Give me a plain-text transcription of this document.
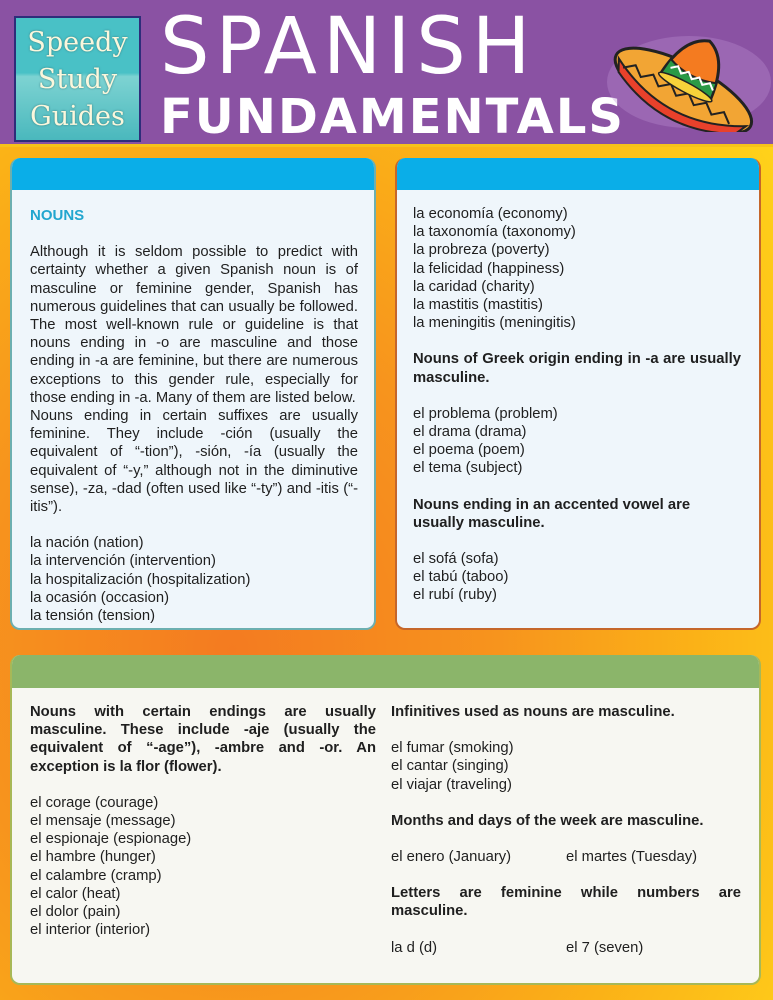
Speedy
Study
Guides
SPANISH
FUNDAMENTALS
NOUNS
Although it is seldom possible to predict with certainty whether a given Spanish noun is of masculine or feminine gender, Spanish has numerous guidelines that can usually be followed. The most well-known rule or guideline is that nouns ending in -o are masculine and those ending in -a are feminine, but there are numerous exceptions to this gender rule, especially for those ending in -a. Many of them are listed below.
Nouns ending in certain suffixes are usually feminine. They include -ción (usually the equivalent of “-tion”), -sión, -ía (usually the equivalent of “-y,” although not in the diminutive sense), -za, -dad (often used like “-ty”) and -itis (“-itis”).
la nación (nation)
la intervención (intervention)
la hospitalización (hospitalization)
la ocasión (occasion)
la tensión (tension)
la economía (economy)
la taxonomía (taxonomy)
la probreza (poverty)
la felicidad (happiness)
la caridad (charity)
la mastitis (mastitis)
la meningitis (meningitis)
Nouns of Greek origin ending in -a are usually masculine.
el problema (problem)
el drama (drama)
el poema (poem)
el tema (subject)
Nouns ending in an accented vowel are usually masculine.
el sofá (sofa)
el tabú (taboo)
el rubí (ruby)
Nouns with certain endings are usually masculine. These include -aje (usually the equivalent of “-age”), -ambre and -or. An exception is la flor (flower).
el corage (courage)
el mensaje (message)
el espionaje (espionage)
el hambre (hunger)
el calambre (cramp)
el calor (heat)
el dolor (pain)
el interior (interior)
Infinitives used as nouns are masculine.
el fumar (smoking)
el cantar (singing)
el viajar (traveling)
Months and days of the week are masculine.
el enero (January)	el martes (Tuesday)
Letters are feminine while numbers are masculine.
la d (d)	el 7 (seven)
